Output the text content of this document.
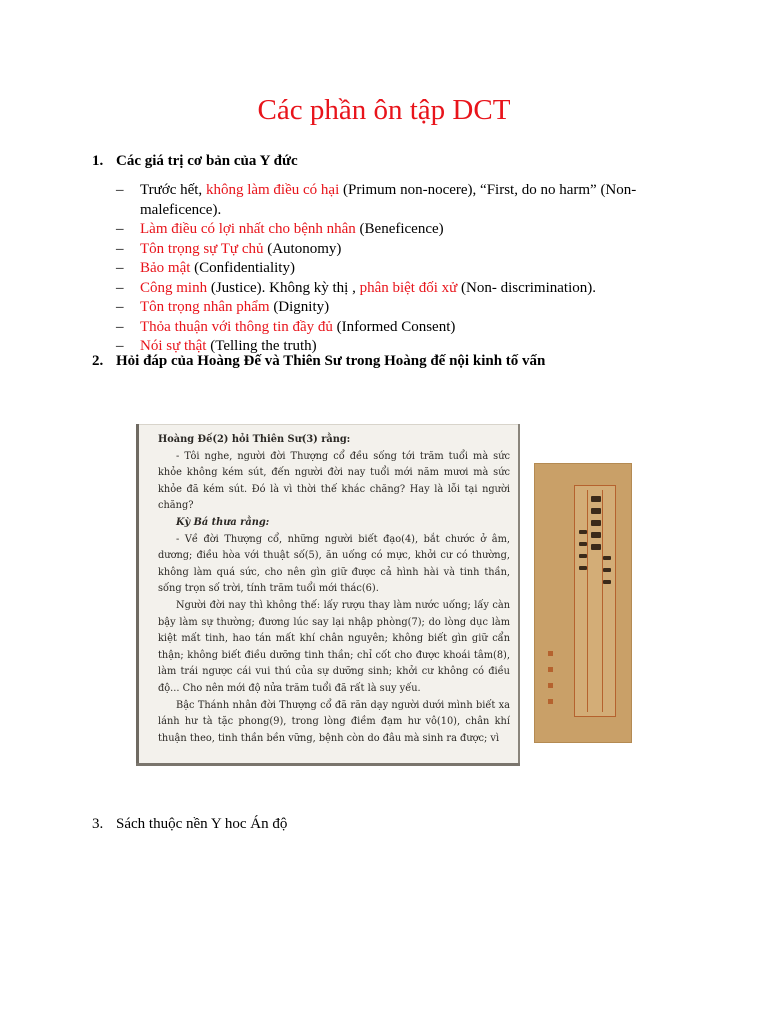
Các phần ôn tập DCT
1. Các giá trị cơ bản của Y đức
– Trước hết, không làm điều có hại (Primum non-nocere), “First, do no harm” (Non-maleficence).
– Làm điều có lợi nhất cho bệnh nhân (Beneficence)
– Tôn trọng sự Tự chủ (Autonomy)
– Bảo mật (Confidentiality)
– Công minh (Justice). Không kỳ thị , phân biệt đối xử (Non- discrimination).
– Tôn trọng nhân phẩm (Dignity)
– Thỏa thuận với thông tin đầy đủ (Informed Consent)
– Nói sự thật (Telling the truth)
2. Hỏi đáp của Hoàng Đế và Thiên Sư trong Hoàng đế nội kinh tố vấn

Hoàng Đế(2) hỏi Thiên Sư(3) rằng:

- Tôi nghe, người đời Thượng cổ đều sống tới trăm tuổi mà sức khỏe không kém sút, đến người đời nay tuổi mới năm mươi mà sức khỏe đã kém sút. Đó là vì thời thế khác chăng? Hay là lỗi tại người chăng?

Kỳ Bá thưa rằng:

- Về đời Thượng cổ, những người biết đạo(4), bắt chước ở âm, dương; điều hòa với thuật số(5), ăn uống có mực, khởi cư có thường, không làm quá sức, cho nên gìn giữ được cả hình hài và tinh thần, sống trọn số trời, tính trăm tuổi mới thác(6).

Người đời nay thì không thế: lấy rượu thay làm nước uống; lấy càn bậy làm sự thường; đương lúc say lại nhập phòng(7); do lòng dục làm kiệt mất tinh, hao tán mất khí chân nguyên; không biết gìn giữ cẩn thận; không biết điều dưỡng tinh thần; chỉ cốt cho được khoái tâm(8), làm trái ngược cái vui thú của sự dưỡng sinh; khởi cư không có điều độ... Cho nên mới độ nửa trăm tuổi đã rất là suy yếu.

Bậc Thánh nhân đời Thượng cổ đã răn dạy người dưới mình biết xa lánh hư tà tặc phong(9), trong lòng điềm đạm hư vô(10), chân khí thuận theo, tinh thần bền vững, bệnh còn do đâu mà sinh ra được; vì

3. Sách thuộc nền Y hoc Án độ
